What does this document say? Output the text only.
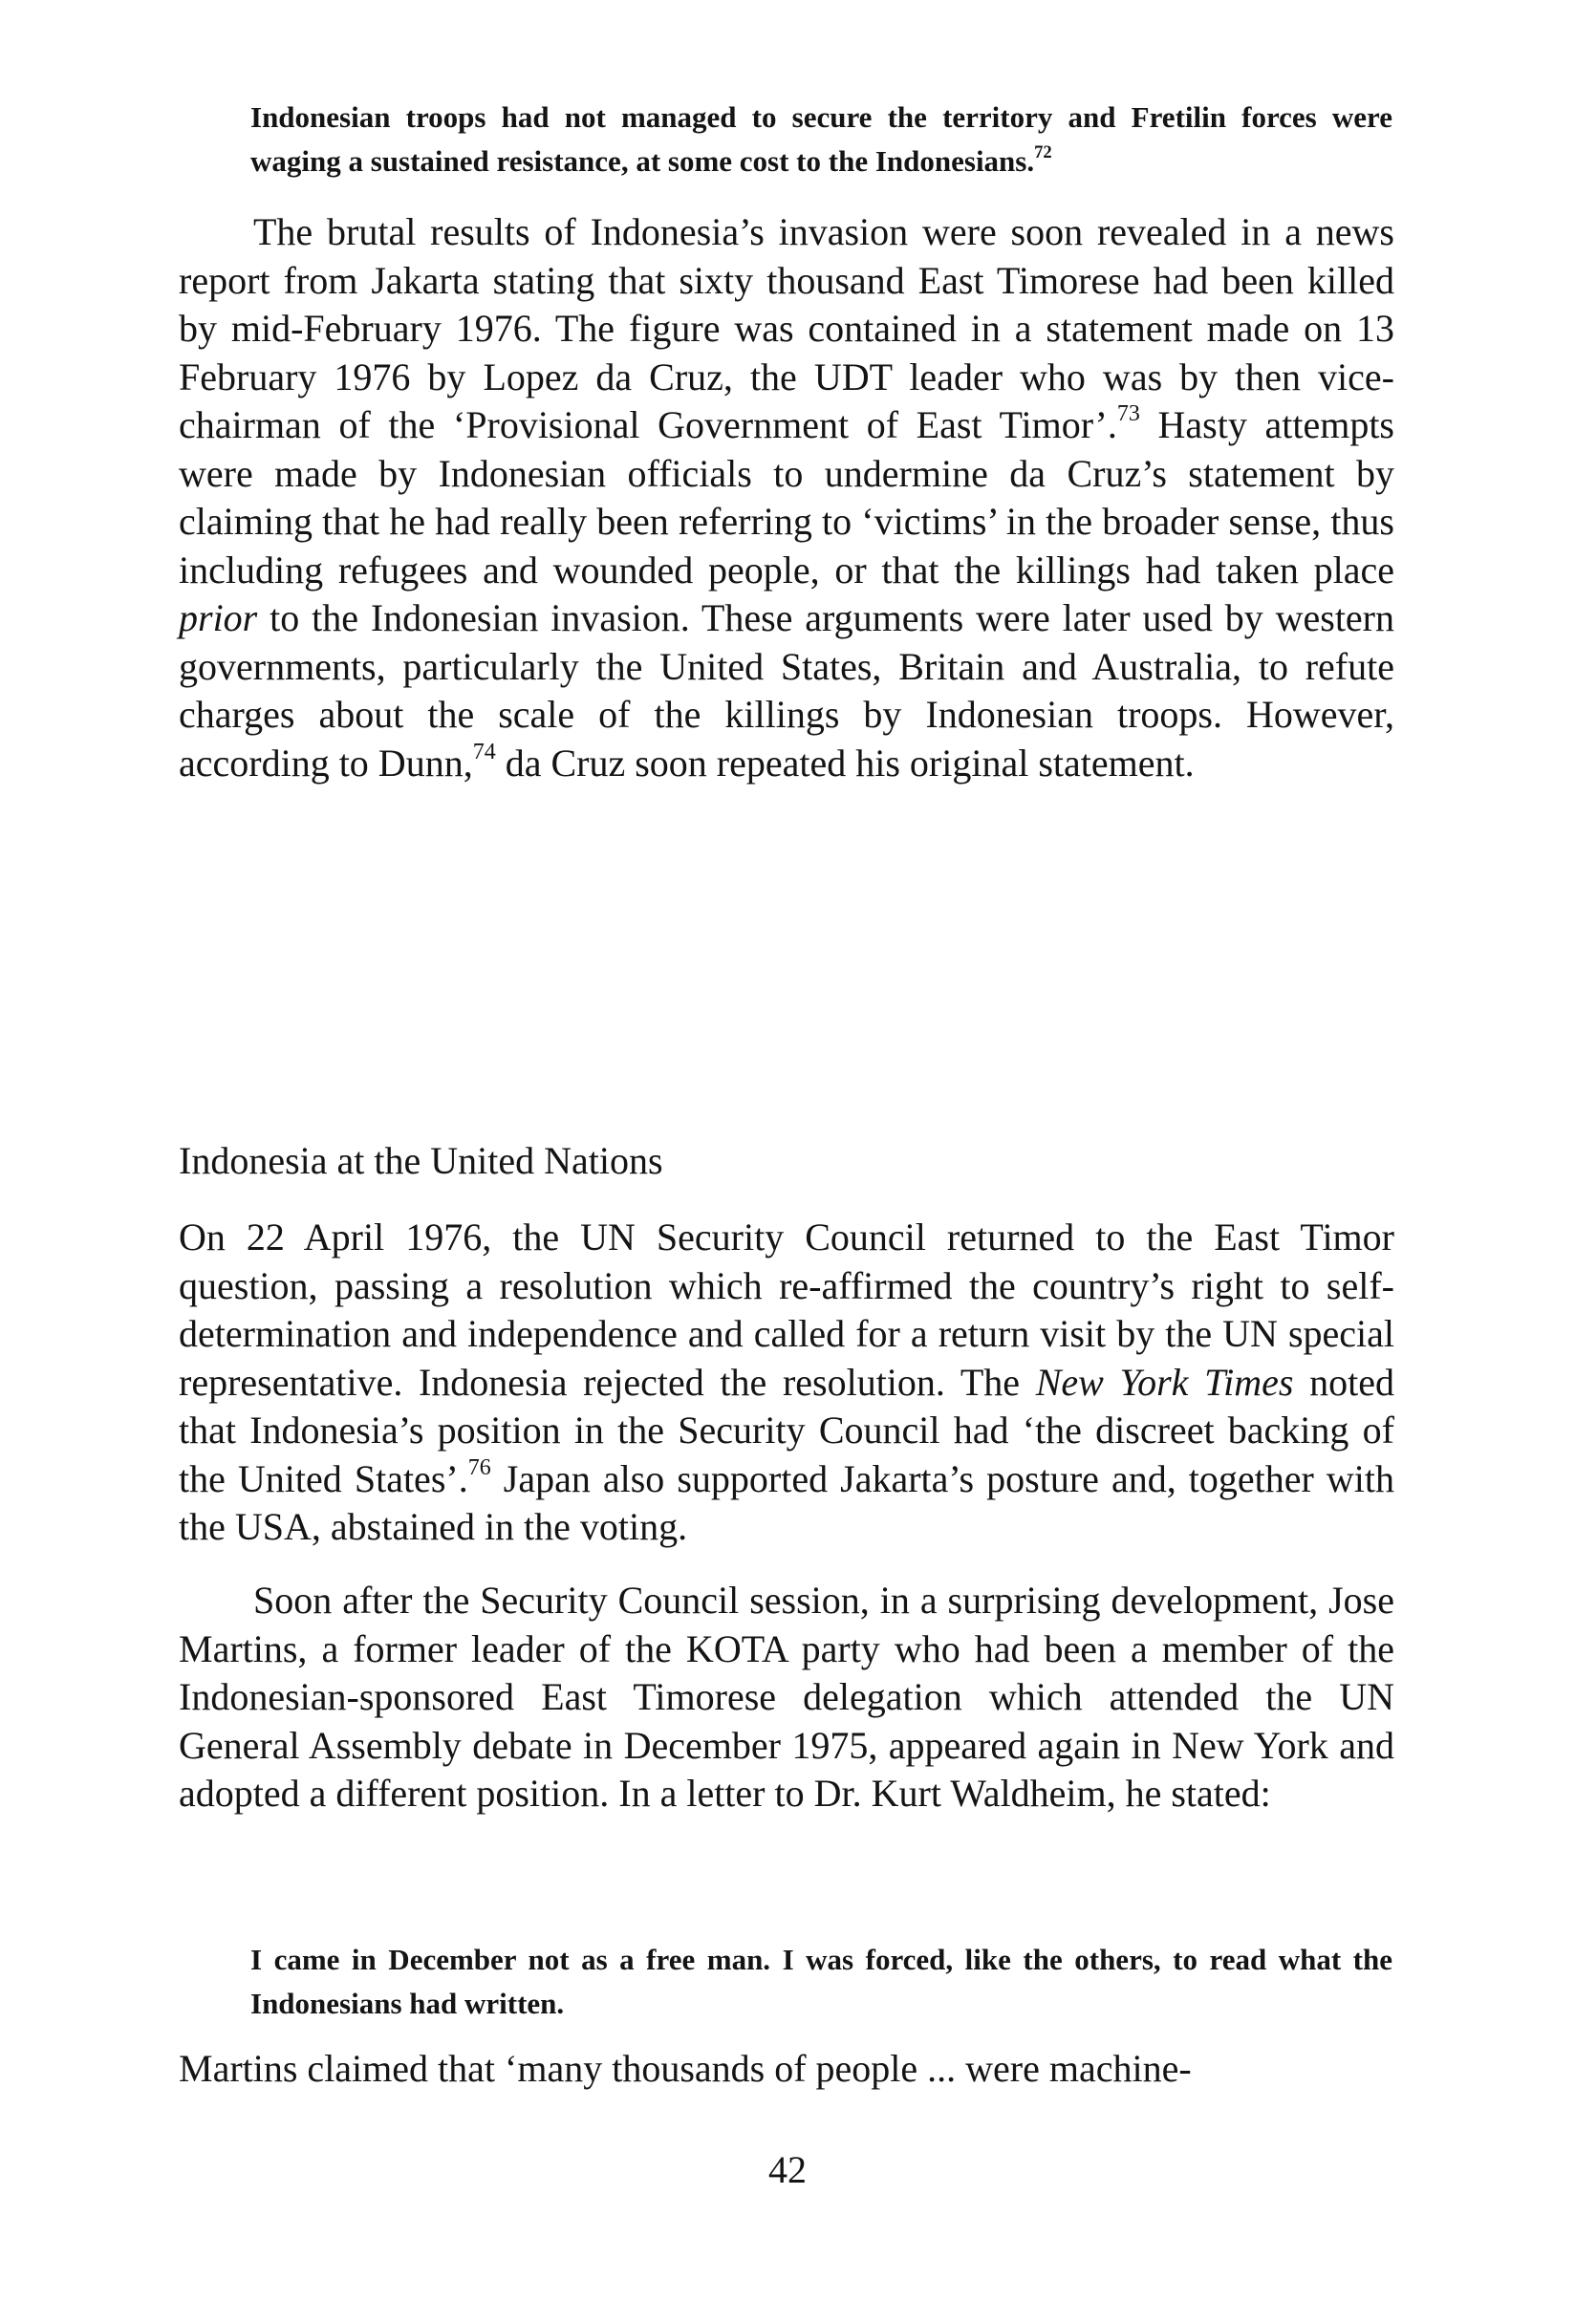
Indonesian troops had not managed to secure the territory and Fretilin forces were waging a sustained resistance, at some cost to the Indonesians.$^{72}$

The brutal results of Indonesia’s invasion were soon revealed in a news report from Jakarta stating that sixty thousand East Timorese had been killed by mid-February 1976. The figure was contained in a statement made on 13 February 1976 by Lopez da Cruz, the UDT leader who was by then vice-chairman of the ‘Provisional Government of East Timor’.$^{73}$ Hasty attempts were made by Indonesian officials to undermine da Cruz’s statement by claiming that he had really been referring to ‘victims’ in the broader sense, thus including refugees and wounded people, or that the killings had taken place prior to the Indonesian invasion. These arguments were later used by western governments, particularly the United States, Britain and Australia, to refute charges about the scale of the killings by Indonesian troops. However, according to Dunn,$^{74}$ da Cruz soon repeated his original statement.

Indonesia at the United Nations

On 22 April 1976, the UN Security Council returned to the East Timor question, passing a resolution which re-affirmed the country’s right to self-determination and independence and called for a return visit by the UN special representative. Indonesia rejected the resolution. The New York Times noted that Indonesia’s position in the Security Council had ‘the discreet backing of the United States’.$^{76}$ Japan also supported Jakarta’s posture and, together with the USA, abstained in the voting.

Soon after the Security Council session, in a surprising development, Jose Martins, a former leader of the KOTA party who had been a member of the Indonesian-sponsored East Timorese delegation which attended the UN General Assembly debate in December 1975, appeared again in New York and adopted a different position. In a letter to Dr. Kurt Waldheim, he stated:

I came in December not as a free man. I was forced, like the others, to read what the Indonesians had written.

Martins claimed that ‘many thousands of people ... were machine-

42
